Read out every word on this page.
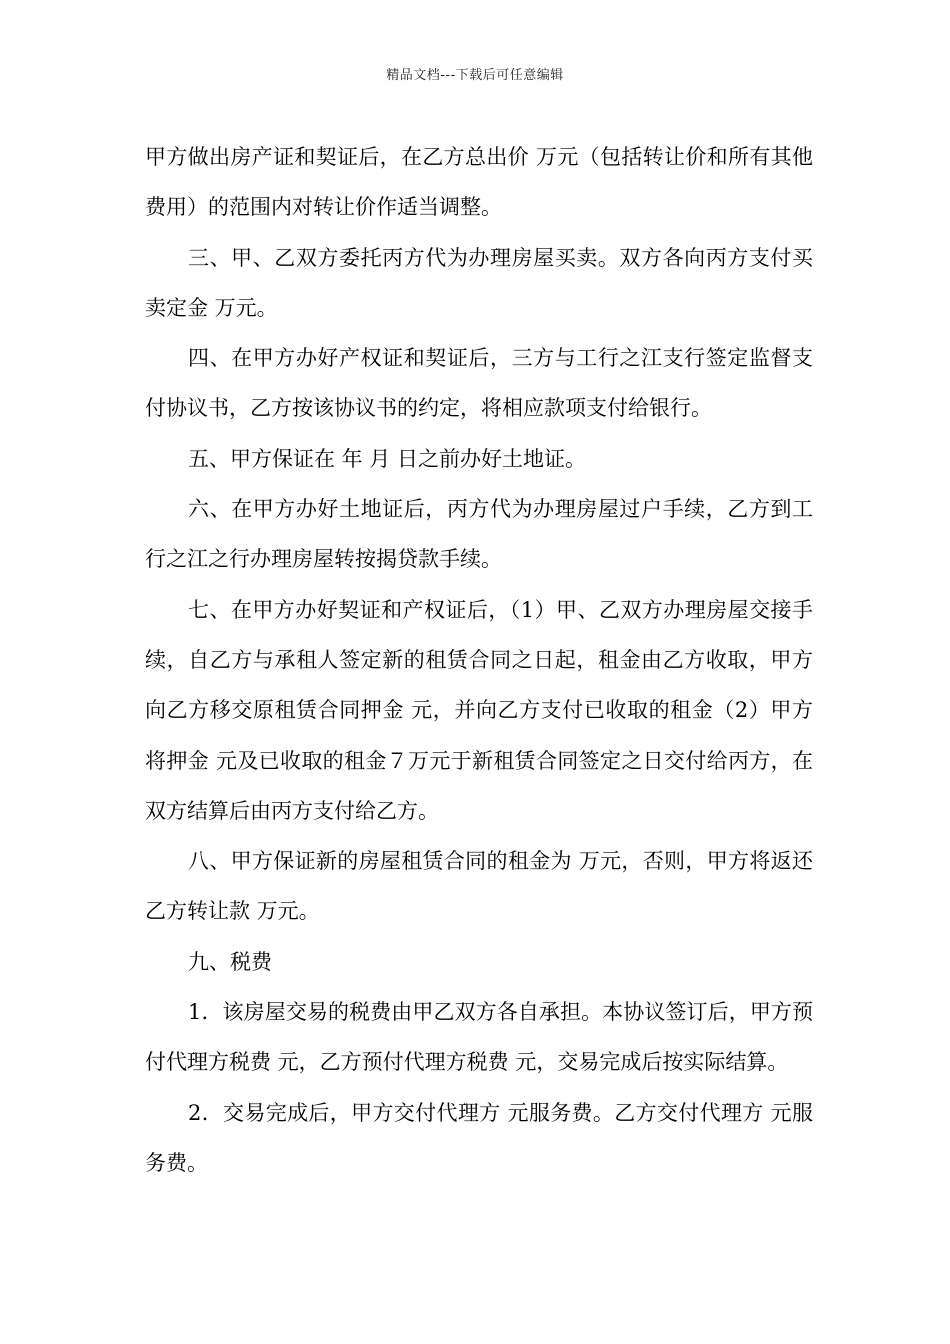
精品文档---下载后可任意编辑

甲方做出房产证和契证后，在乙方总出价 万元（包括转让价和所有其他费用）的范围内对转让价作适当调整。

三、甲、乙双方委托丙方代为办理房屋买卖。双方各向丙方支付买卖定金 万元。

四、在甲方办好产权证和契证后，三方与工行之江支行签定监督支付协议书，乙方按该协议书的约定，将相应款项支付给银行。

五、甲方保证在 年 月 日之前办好土地证。

六、在甲方办好土地证后，丙方代为办理房屋过户手续，乙方到工行之江之行办理房屋转按揭贷款手续。

七、在甲方办好契证和产权证后，（1）甲、乙双方办理房屋交接手续，自乙方与承租人签定新的租赁合同之日起，租金由乙方收取，甲方向乙方移交原租赁合同押金 元，并向乙方支付已收取的租金（2）甲方将押金 元及已收取的租金７万元于新租赁合同签定之日交付给丙方，在双方结算后由丙方支付给乙方。

八、甲方保证新的房屋租赁合同的租金为 万元，否则，甲方将返还乙方转让款 万元。

九、税费

1．该房屋交易的税费由甲乙双方各自承担。本协议签订后，甲方预付代理方税费 元，乙方预付代理方税费 元，交易完成后按实际结算。

2．交易完成后，甲方交付代理方 元服务费。乙方交付代理方 元服务费。
